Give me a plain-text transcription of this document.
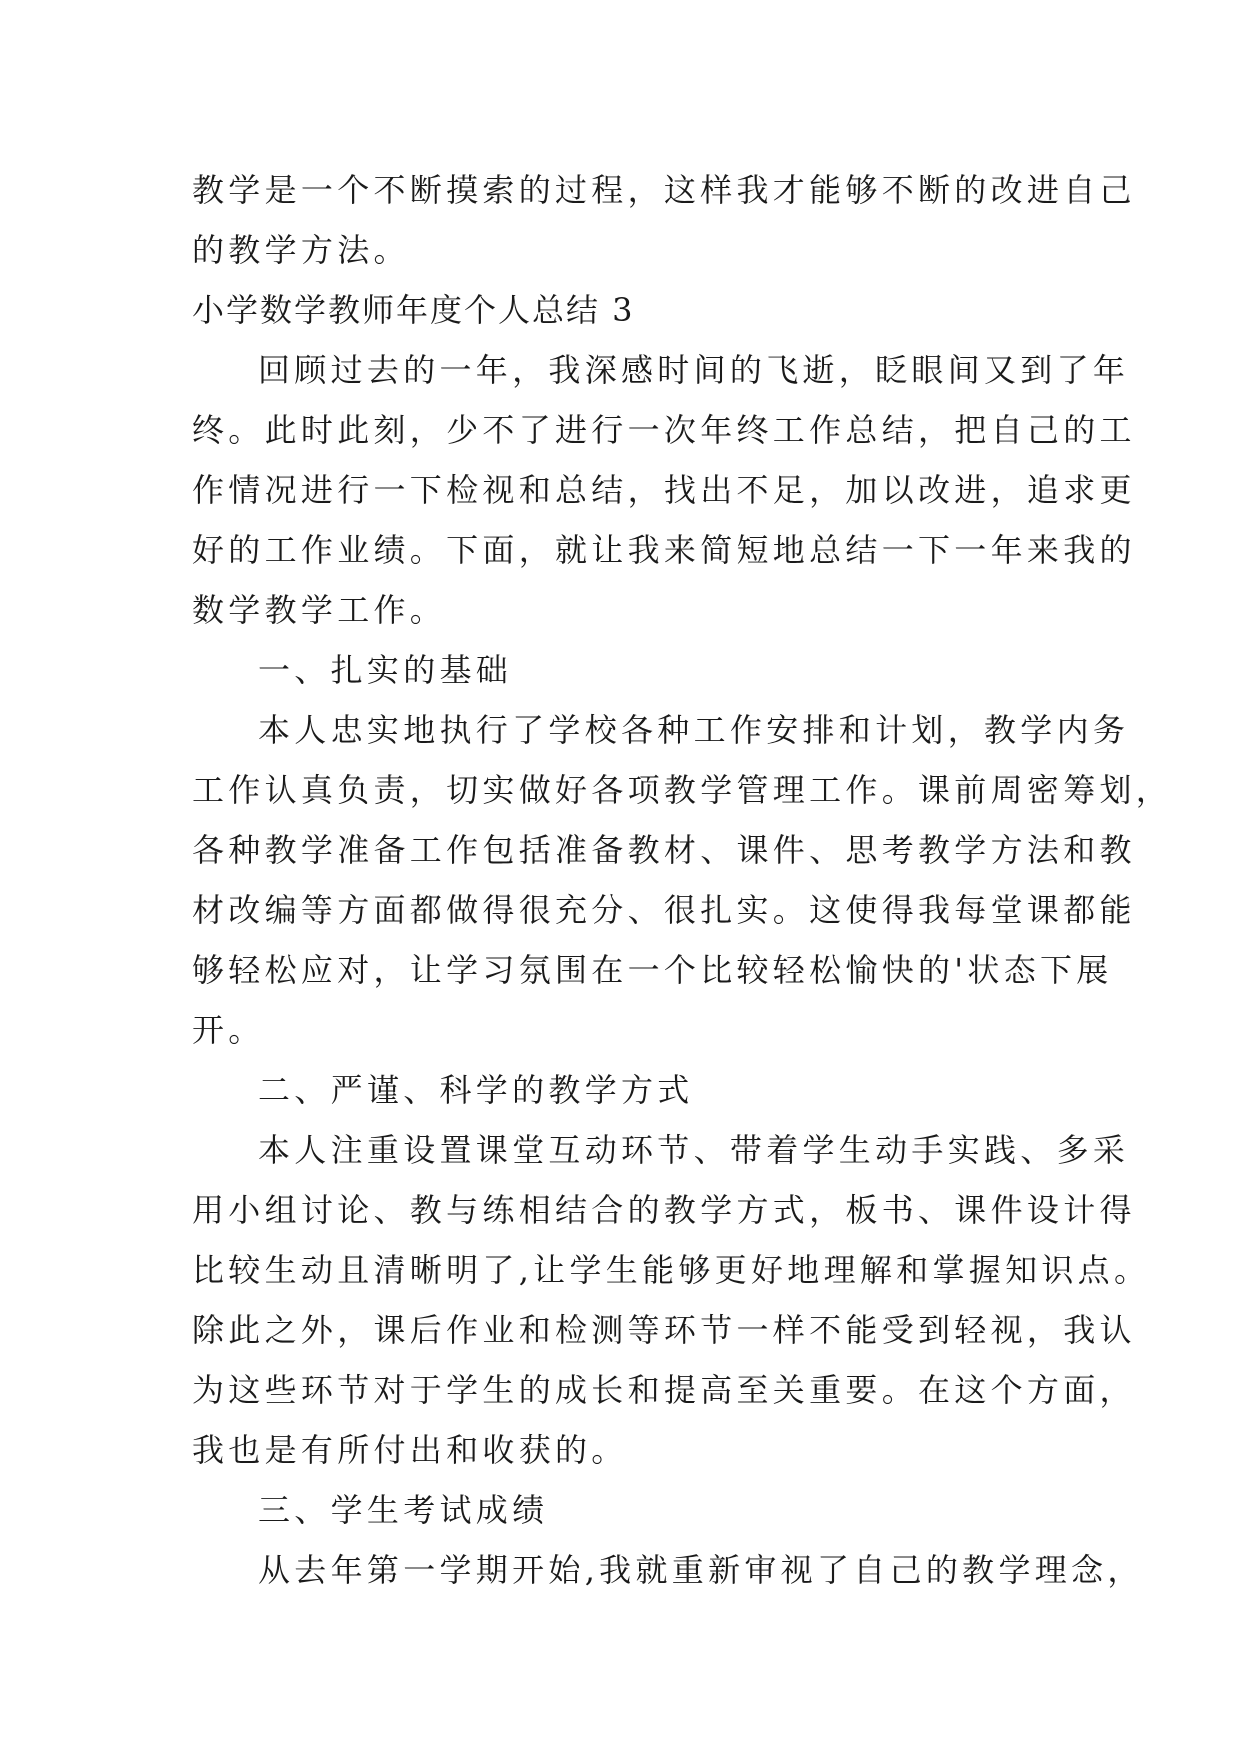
教学是一个不断摸索的过程，这样我才能够不断的改进自己
的教学方法。
小学数学教师年度个人总结 3
回顾过去的一年，我深感时间的飞逝，眨眼间又到了年
终。此时此刻，少不了进行一次年终工作总结，把自己的工
作情况进行一下检视和总结，找出不足，加以改进，追求更
好的工作业绩。下面，就让我来简短地总结一下一年来我的
数学教学工作。
一、扎实的基础
本人忠实地执行了学校各种工作安排和计划，教学内务
工作认真负责，切实做好各项教学管理工作。课前周密筹划，
各种教学准备工作包括准备教材、课件、思考教学方法和教
材改编等方面都做得很充分、很扎实。这使得我每堂课都能
够轻松应对，让学习氛围在一个比较轻松愉快的'状态下展
开。
二、严谨、科学的教学方式
本人注重设置课堂互动环节、带着学生动手实践、多采
用小组讨论、教与练相结合的教学方式，板书、课件设计得
比较生动且清晰明了,让学生能够更好地理解和掌握知识点。
除此之外，课后作业和检测等环节一样不能受到轻视，我认
为这些环节对于学生的成长和提高至关重要。在这个方面，
我也是有所付出和收获的。
三、学生考试成绩
从去年第一学期开始,我就重新审视了自己的教学理念，
